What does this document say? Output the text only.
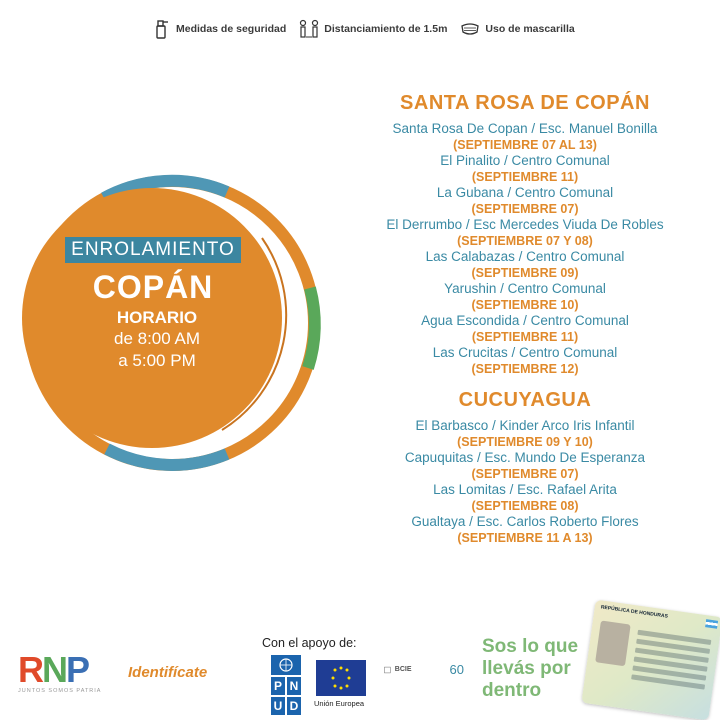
Medidas de seguridad	Distanciamiento de 1.5m	Uso de mascarilla
ENROLAMIENTO
COPÁN
HORARIO
de 8:00 AM
a 5:00 PM
SANTA ROSA DE COPÁN
Santa Rosa De Copan / Esc. Manuel Bonilla
(SEPTIEMBRE 07 AL 13)
El Pinalito / Centro Comunal
(SEPTIEMBRE 11)
La Gubana / Centro Comunal
(SEPTIEMBRE 07)
El Derrumbo / Esc Mercedes Viuda De Robles
(SEPTIEMBRE 07 Y 08)
Las Calabazas / Centro Comunal
(SEPTIEMBRE 09)
Yarushin / Centro Comunal
(SEPTIEMBRE 10)
Agua Escondida / Centro Comunal
(SEPTIEMBRE 11)
Las Crucitas / Centro Comunal
(SEPTIEMBRE 12)
CUCUYAGUA
El Barbasco / Kinder Arco Iris Infantil
(SEPTIEMBRE 09 Y 10)
Capuquitas / Esc. Mundo De Esperanza
(SEPTIEMBRE 07)
Las Lomitas / Esc. Rafael Arita
(SEPTIEMBRE 08)
Gualtaya / Esc. Carlos Roberto Flores
(SEPTIEMBRE 11 A 13)
RNP
JUNTOS SOMOS PATRIA
Identifícate
Con el apoyo de:
P N
U D	Unión Europea
BCIE	60
Sos lo que llevás por dentro
REPÚBLICA DE HONDURAS
